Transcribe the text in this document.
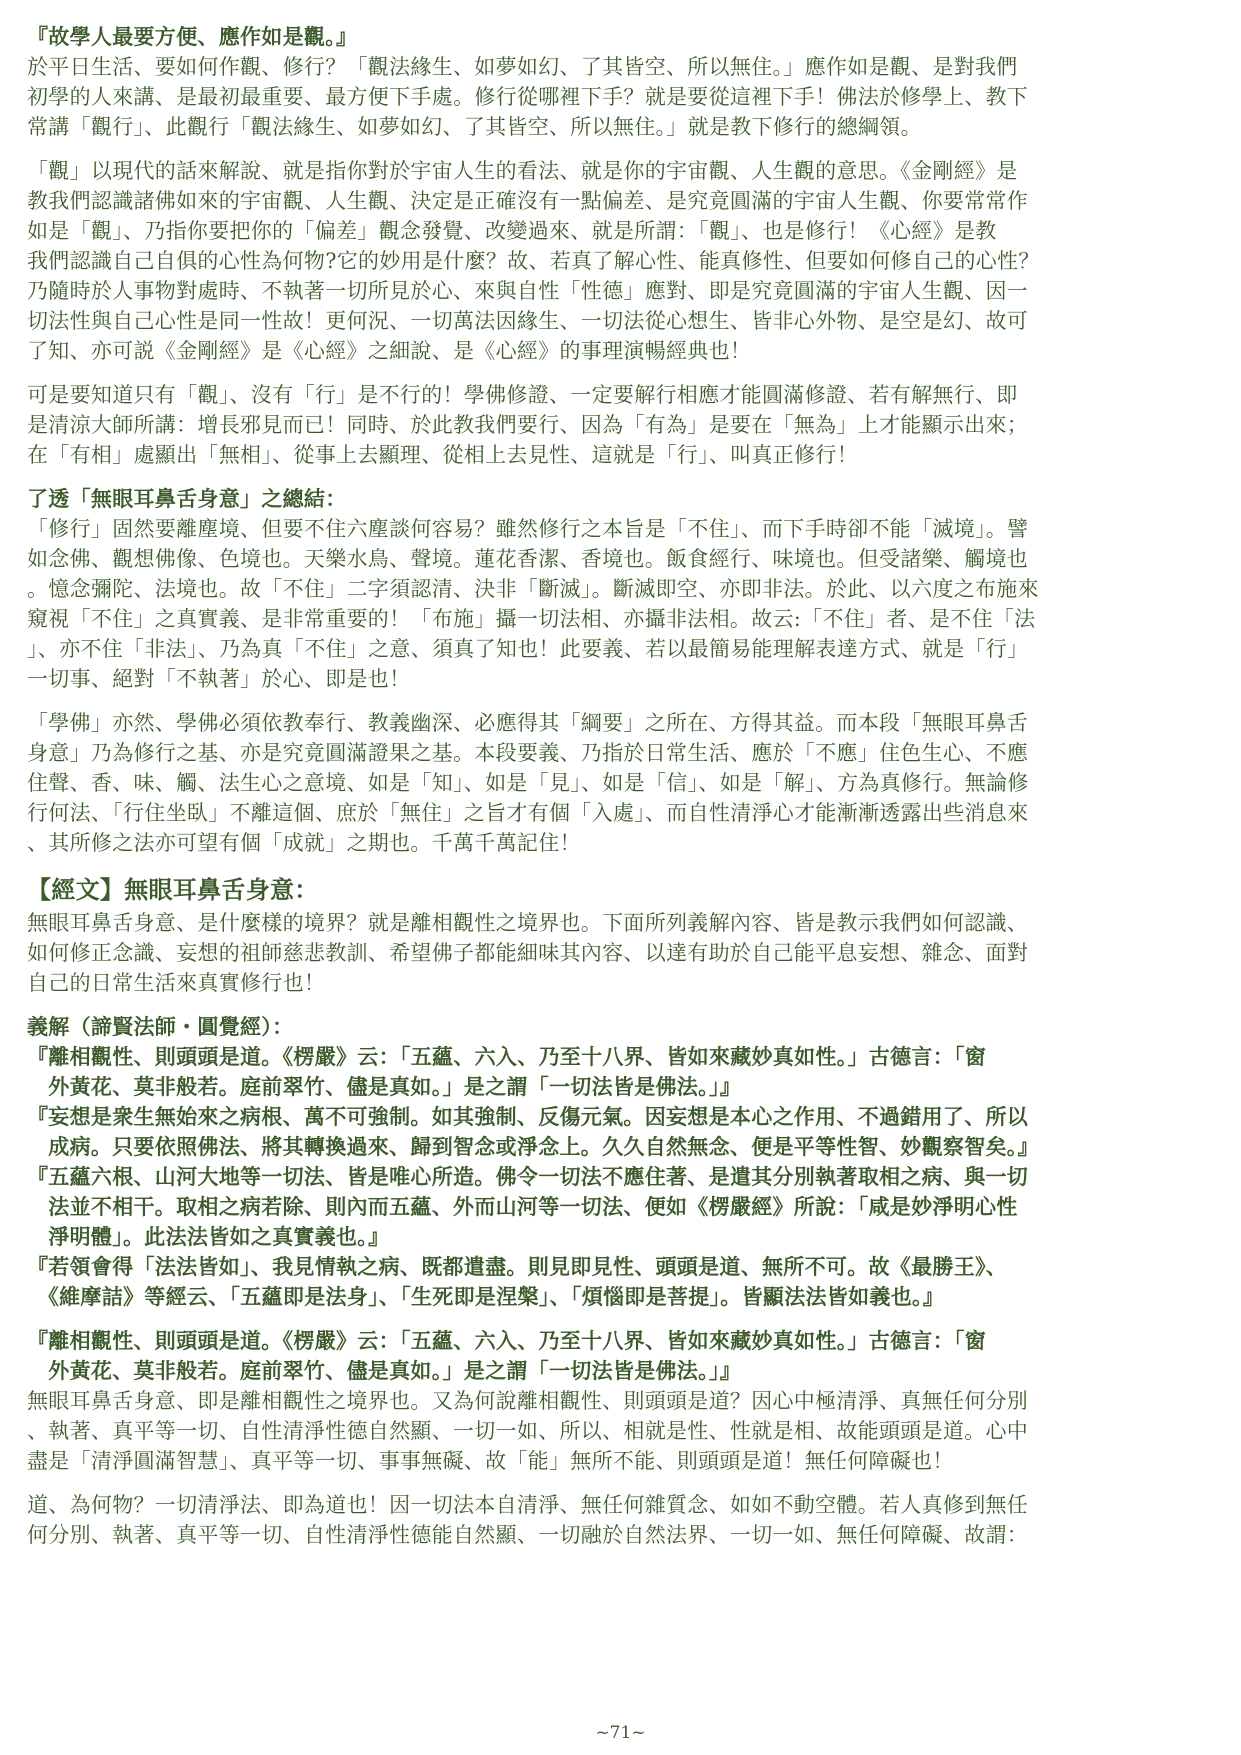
『故學人最要方便、應作如是觀。』
於平日生活、要如何作觀、修行？「觀法緣生、如夢如幻、了其皆空、所以無住。」應作如是觀、是對我們
初學的人來講、是最初最重要、最方便下手處。修行從哪裡下手？就是要從這裡下手！佛法於修學上、教下
常講「觀行」、此觀行「觀法緣生、如夢如幻、了其皆空、所以無住。」就是教下修行的總綱領。
「觀」以現代的話來解說、就是指你對於宇宙人生的看法、就是你的宇宙觀、人生觀的意思。《金剛經》是
教我們認識諸佛如來的宇宙觀、人生觀、決定是正確沒有一點偏差、是究竟圓滿的宇宙人生觀、你要常常作
如是「觀」、乃指你要把你的「偏差」觀念發覺、改變過來、就是所謂：「觀」、也是修行！《心經》是教
我們認識自己自俱的心性為何物?它的妙用是什麼？故、若真了解心性、能真修性、但要如何修自己的心性？
乃隨時於人事物對處時、不執著一切所見於心、來與自性「性德」應對、即是究竟圓滿的宇宙人生觀、因一
切法性與自己心性是同一性故！更何況、一切萬法因緣生、一切法從心想生、皆非心外物、是空是幻、故可
了知、亦可説《金剛經》是《心經》之細說、是《心經》的事理演暢經典也！
可是要知道只有「觀」、沒有「行」是不行的！學佛修證、一定要解行相應才能圓滿修證、若有解無行、即
是清涼大師所講：增長邪見而已！同時、於此教我們要行、因為「有為」是要在「無為」上才能顯示出來；
在「有相」處顯出「無相」、從事上去顯理、從相上去見性、這就是「行」、叫真正修行！
了透「無眼耳鼻舌身意」之總結：
「修行」固然要離塵境、但要不住六塵談何容易？雖然修行之本旨是「不住」、而下手時卻不能「滅境」。譬
如念佛、觀想佛像、色境也。天樂水鳥、聲境。蓮花香潔、香境也。飯食經行、味境也。但受諸樂、觸境也
。憶念彌陀、法境也。故「不住」二字須認清、決非「斷滅」。斷滅即空、亦即非法。於此、以六度之布施來
窺視「不住」之真實義、是非常重要的！「布施」攝一切法相、亦攝非法相。故云:「不住」者、是不住「法
」、亦不住「非法」、乃為真「不住」之意、須真了知也！此要義、若以最簡易能理解表達方式、就是「行」
一切事、絕對「不執著」於心、即是也！
「學佛」亦然、學佛必須依教奉行、教義幽深、必應得其「綱要」之所在、方得其益。而本段「無眼耳鼻舌
身意」乃為修行之基、亦是究竟圓滿證果之基。本段要義、乃指於日常生活、應於「不應」住色生心、不應
住聲、香、味、觸、法生心之意境、如是「知」、如是「見」、如是「信」、如是「解」、方為真修行。無論修
行何法、「行住坐臥」不離這個、庶於「無住」之旨才有個「入處」、而自性清淨心才能漸漸透露出些消息來
、其所修之法亦可望有個「成就」之期也。千萬千萬記住！
【經文】無眼耳鼻舌身意：
無眼耳鼻舌身意、是什麼樣的境界？就是離相觀性之境界也。下面所列義解內容、皆是教示我們如何認識、
如何修正念識、妄想的祖師慈悲教訓、希望佛子都能細味其內容、以達有助於自己能平息妄想、雜念、面對
自己的日常生活來真實修行也！
義解（諦賢法師・圓覺經）：
『離相觀性、則頭頭是道。《楞嚴》云：「五蘊、六入、乃至十八界、皆如來藏妙真如性。」古德言：「窗
　外黃花、莫非般若。庭前翠竹、儘是真如。」是之謂「一切法皆是佛法。」』
『妄想是衆生無始來之病根、萬不可強制。如其強制、反傷元氣。因妄想是本心之作用、不過錯用了、所以
　成病。只要依照佛法、將其轉換過來、歸到智念或淨念上。久久自然無念、便是平等性智、妙觀察智矣。』
『五蘊六根、山河大地等一切法、皆是唯心所造。佛令一切法不應住著、是遣其分別執著取相之病、與一切
　法並不相干。取相之病若除、則內而五蘊、外而山河等一切法、便如《楞嚴經》所說：「咸是妙淨明心性
　淨明體」。此法法皆如之真實義也。』
『若領會得「法法皆如」、我見情執之病、既都遣盡。則見即見性、頭頭是道、無所不可。故《最勝王》、
　《維摩詰》等經云、「五蘊即是法身」、「生死即是涅槃」、「煩惱即是菩提」。皆顯法法皆如義也。』
『離相觀性、則頭頭是道。《楞嚴》云：「五蘊、六入、乃至十八界、皆如來藏妙真如性。」古德言：「窗
　外黃花、莫非般若。庭前翠竹、儘是真如。」是之謂「一切法皆是佛法。」』
無眼耳鼻舌身意、即是離相觀性之境界也。又為何說離相觀性、則頭頭是道？因心中極清淨、真無任何分別
、執著、真平等一切、自性清淨性德自然顯、一切一如、所以、相就是性、性就是相、故能頭頭是道。心中
盡是「清淨圓滿智慧」、真平等一切、事事無礙、故「能」無所不能、則頭頭是道！無任何障礙也！
道、為何物？一切清淨法、即為道也！因一切法本自清淨、無任何雜質念、如如不動空體。若人真修到無任
何分別、執著、真平等一切、自性清淨性德能自然顯、一切融於自然法界、一切一如、無任何障礙、故謂：
~71~
